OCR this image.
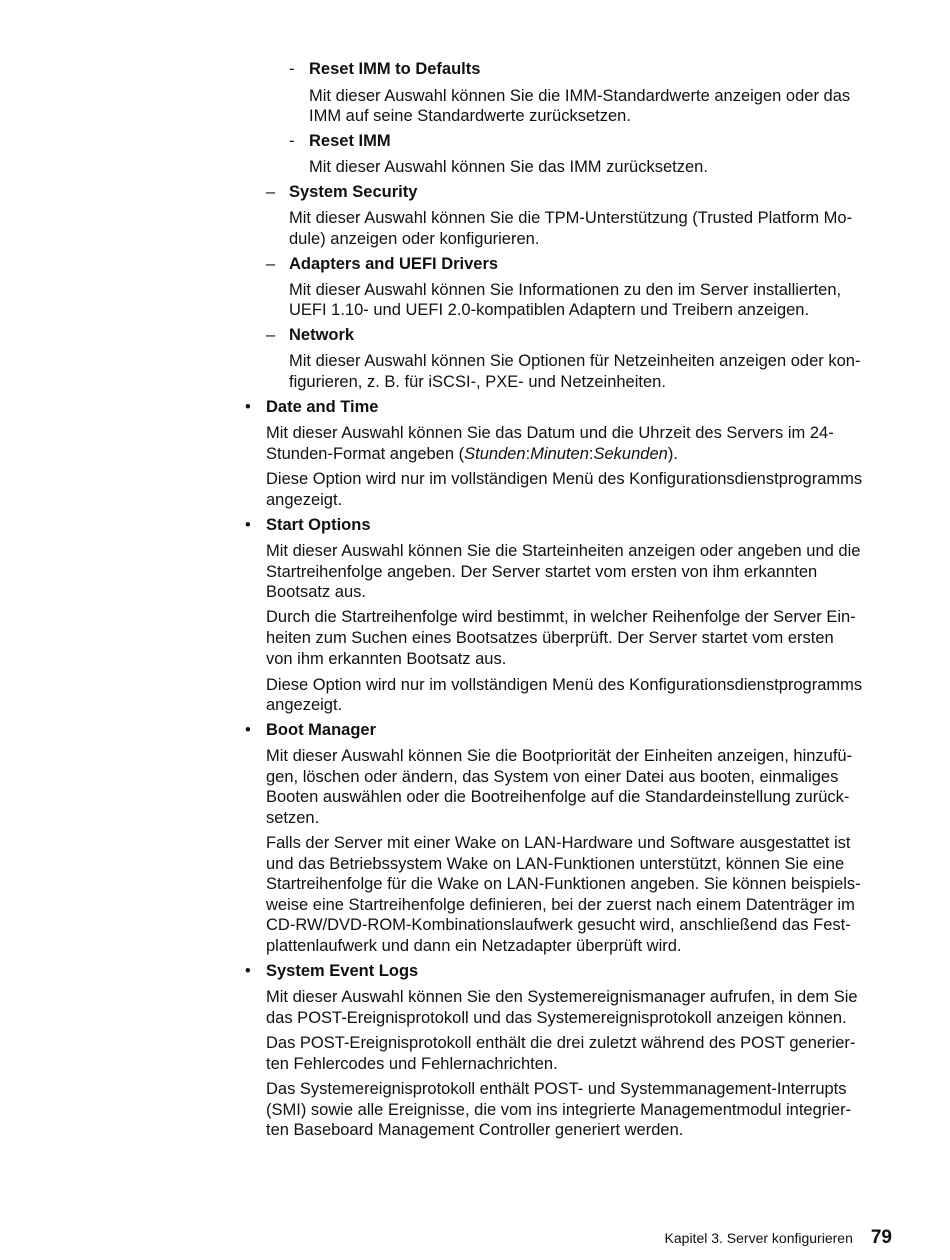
- Reset IMM to Defaults
Mit dieser Auswahl können Sie die IMM-Standardwerte anzeigen oder das
IMM auf seine Standardwerte zurücksetzen.
- Reset IMM
Mit dieser Auswahl können Sie das IMM zurücksetzen.
– System Security
Mit dieser Auswahl können Sie die TPM-Unterstützung (Trusted Platform Mo-
dule) anzeigen oder konfigurieren.
– Adapters and UEFI Drivers
Mit dieser Auswahl können Sie Informationen zu den im Server installierten,
UEFI 1.10- und UEFI 2.0-kompatiblen Adaptern und Treibern anzeigen.
– Network
Mit dieser Auswahl können Sie Optionen für Netzeinheiten anzeigen oder kon-
figurieren, z. B. für iSCSI-, PXE- und Netzeinheiten.
• Date and Time
Mit dieser Auswahl können Sie das Datum und die Uhrzeit des Servers im 24-
Stunden-Format angeben (Stunden:Minuten:Sekunden).
Diese Option wird nur im vollständigen Menü des Konfigurationsdienstprogramms
angezeigt.
• Start Options
Mit dieser Auswahl können Sie die Starteinheiten anzeigen oder angeben und die
Startreihenfolge angeben. Der Server startet vom ersten von ihm erkannten
Bootsatz aus.
Durch die Startreihenfolge wird bestimmt, in welcher Reihenfolge der Server Ein-
heiten zum Suchen eines Bootsatzes überprüft. Der Server startet vom ersten
von ihm erkannten Bootsatz aus.
Diese Option wird nur im vollständigen Menü des Konfigurationsdienstprogramms
angezeigt.
• Boot Manager
Mit dieser Auswahl können Sie die Bootpriorität der Einheiten anzeigen, hinzufü-
gen, löschen oder ändern, das System von einer Datei aus booten, einmaliges
Booten auswählen oder die Bootreihenfolge auf die Standardeinstellung zurück-
setzen.
Falls der Server mit einer Wake on LAN-Hardware und Software ausgestattet ist
und das Betriebssystem Wake on LAN-Funktionen unterstützt, können Sie eine
Startreihenfolge für die Wake on LAN-Funktionen angeben. Sie können beispiels-
weise eine Startreihenfolge definieren, bei der zuerst nach einem Datenträger im
CD-RW/DVD-ROM-Kombinationslaufwerk gesucht wird, anschließend das Fest-
plattenlaufwerk und dann ein Netzadapter überprüft wird.
• System Event Logs
Mit dieser Auswahl können Sie den Systemereignismanager aufrufen, in dem Sie
das POST-Ereignisprotokoll und das Systemereignisprotokoll anzeigen können.
Das POST-Ereignisprotokoll enthält die drei zuletzt während des POST generier-
ten Fehlercodes und Fehlernachrichten.
Das Systemereignisprotokoll enthält POST- und Systemmanagement-Interrupts
(SMI) sowie alle Ereignisse, die vom ins integrierte Managementmodul integrier-
ten Baseboard Management Controller generiert werden.
Kapitel 3. Server konfigurieren 79
